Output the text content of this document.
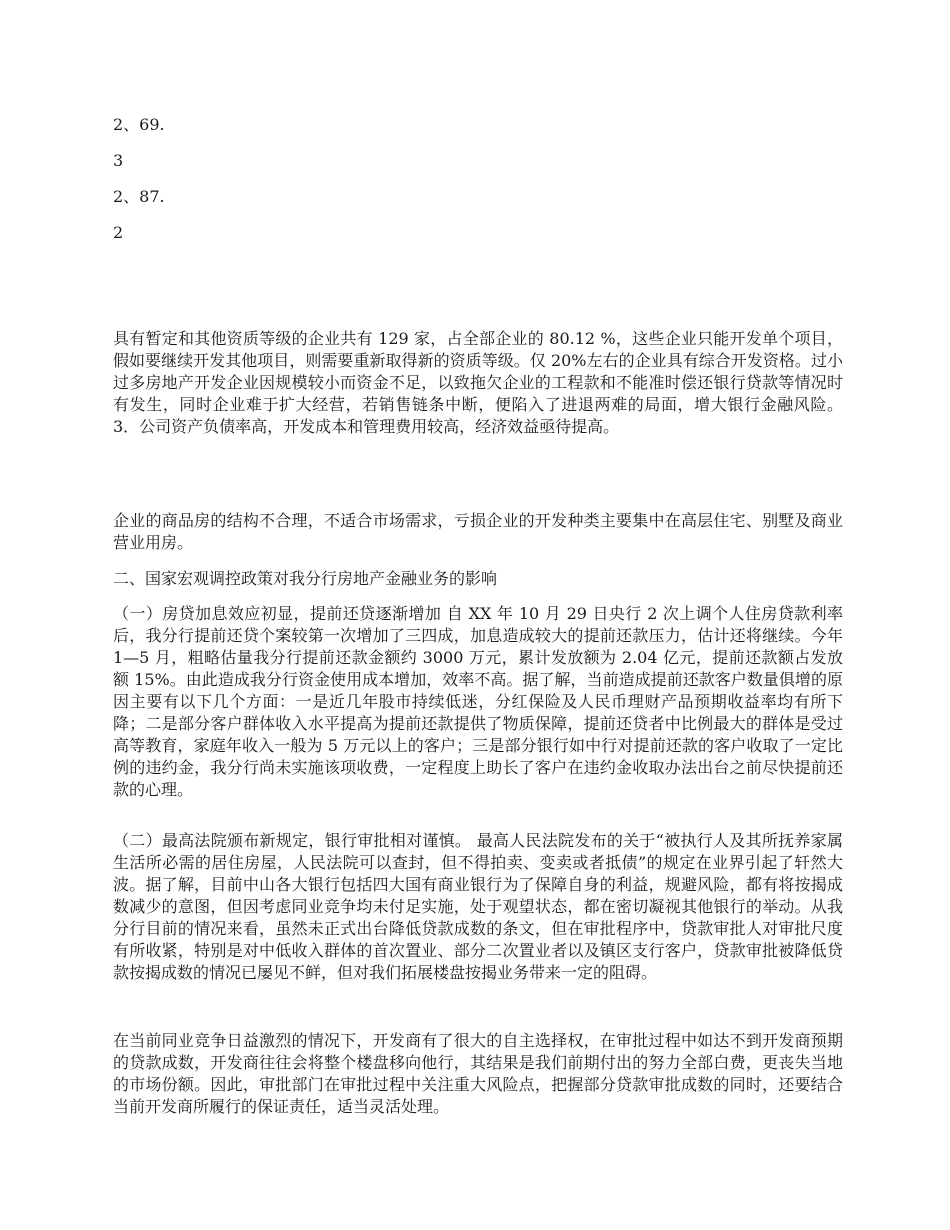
2、69.
3
2、87.
2

具有暂定和其他资质等级的企业共有 129 家，占全部企业的 80.12 %，这些企业只能开发单个项目，假如要继续开发其他项目，则需要重新取得新的资质等级。仅 20%左右的企业具有综合开发资格。过小过多房地产开发企业因规模较小而资金不足，以致拖欠企业的工程款和不能准时偿还银行贷款等情况时有发生，同时企业难于扩大经营，若销售链条中断，便陷入了进退两难的局面，增大银行金融风险。 3．公司资产负债率高，开发成本和管理费用较高，经济效益亟待提高。

企业的商品房的结构不合理，不适合市场需求，亏损企业的开发种类主要集中在高层住宅、别墅及商业营业用房。

二、国家宏观调控政策对我分行房地产金融业务的影响

（一）房贷加息效应初显，提前还贷逐渐增加 自 XX 年 10 月 29 日央行 2 次上调个人住房贷款利率后，我分行提前还贷个案较第一次增加了三四成，加息造成较大的提前还款压力，估计还将继续。今年 1—5 月，粗略估量我分行提前还款金额约 3000 万元，累计发放额为 2.04 亿元，提前还款额占发放额 15%。由此造成我分行资金使用成本增加，效率不高。据了解，当前造成提前还款客户数量俱增的原因主要有以下几个方面：一是近几年股市持续低迷，分红保险及人民币理财产品预期收益率均有所下降；二是部分客户群体收入水平提高为提前还款提供了物质保障，提前还贷者中比例最大的群体是受过高等教育，家庭年收入一般为 5 万元以上的客户；三是部分银行如中行对提前还款的客户收取了一定比例的违约金，我分行尚未实施该项收费，一定程度上助长了客户在违约金收取办法出台之前尽快提前还款的心理。

（二）最高法院颁布新规定，银行审批相对谨慎。 最高人民法院发布的关于“被执行人及其所抚养家属生活所必需的居住房屋，人民法院可以查封，但不得拍卖、变卖或者抵债”的规定在业界引起了轩然大波。据了解，目前中山各大银行包括四大国有商业银行为了保障自身的利益，规避风险，都有将按揭成数减少的意图，但因考虑同业竞争均未付足实施，处于观望状态，都在密切凝视其他银行的举动。从我分行目前的情况来看，虽然未正式出台降低贷款成数的条文，但在审批程序中，贷款审批人对审批尺度有所收紧，特别是对中低收入群体的首次置业、部分二次置业者以及镇区支行客户，贷款审批被降低贷款按揭成数的情况已屡见不鲜，但对我们拓展楼盘按揭业务带来一定的阻碍。

在当前同业竞争日益激烈的情况下，开发商有了很大的自主选择权，在审批过程中如达不到开发商预期的贷款成数，开发商往往会将整个楼盘移向他行，其结果是我们前期付出的努力全部白费，更丧失当地的市场份额。因此，审批部门在审批过程中关注重大风险点，把握部分贷款审批成数的同时，还要结合当前开发商所履行的保证责任，适当灵活处理。
